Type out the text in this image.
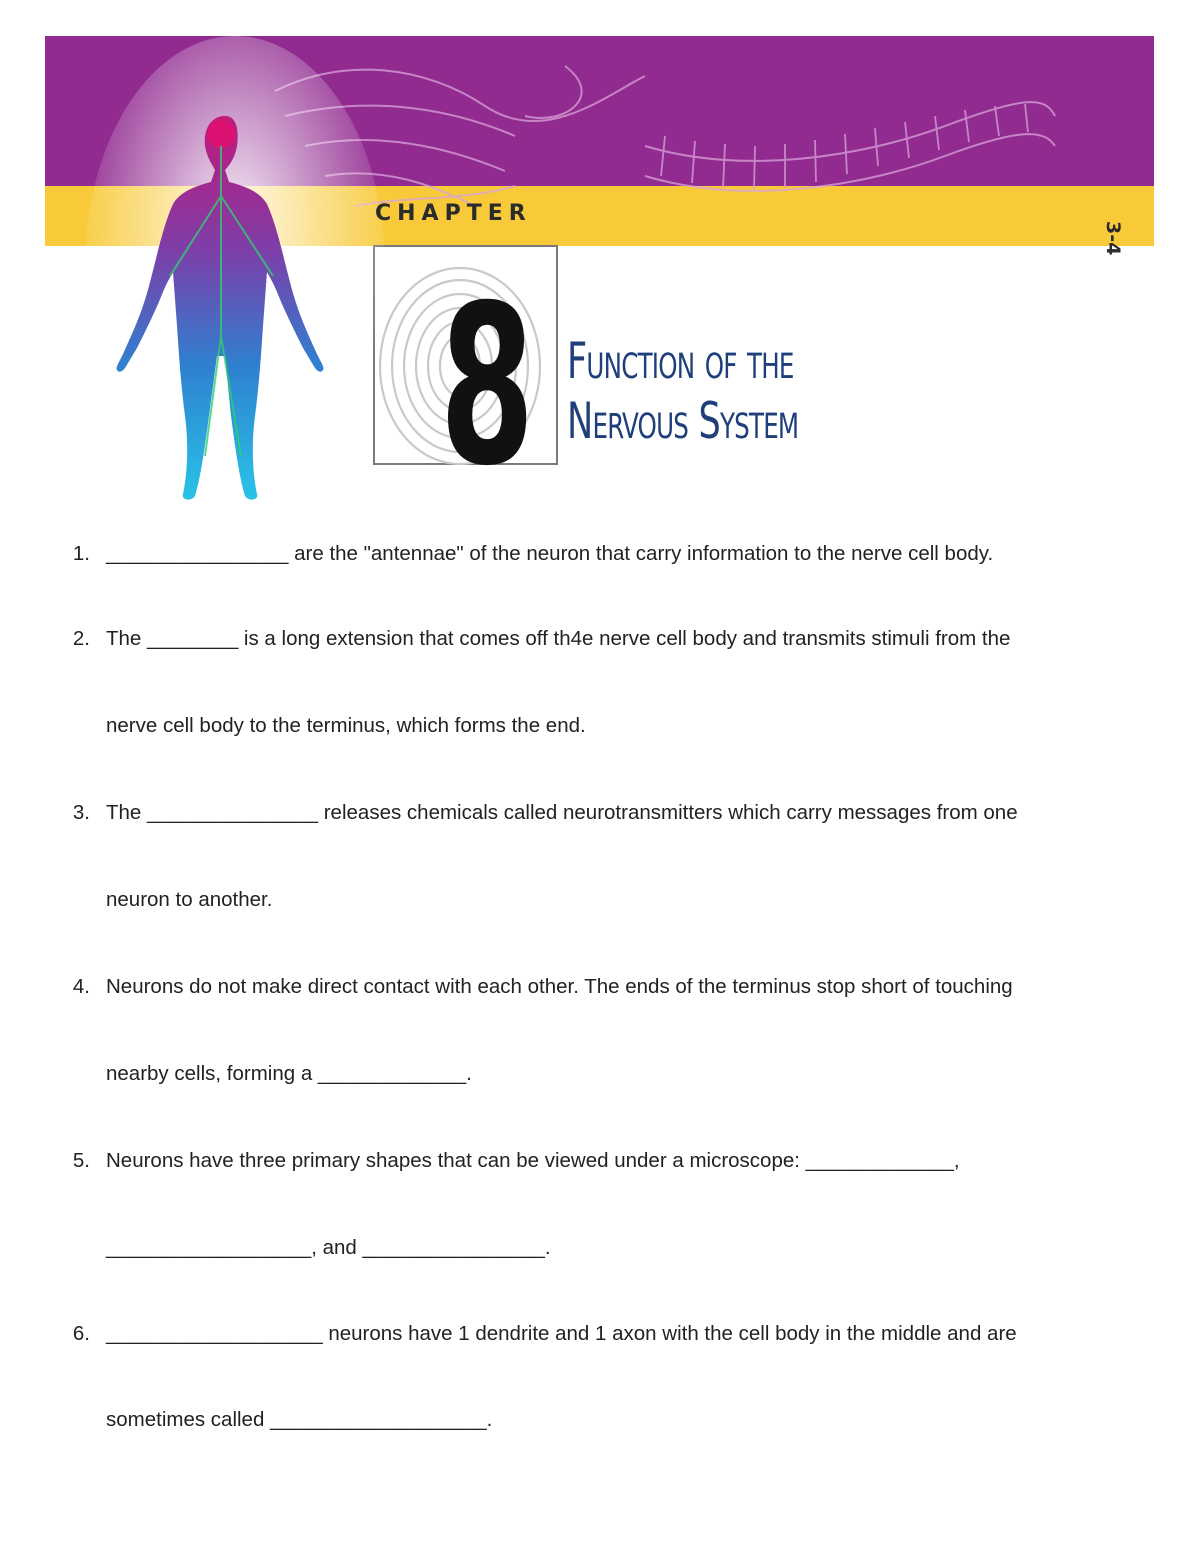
CHAPTER
3-4
8 Function of the
Nervous System
1. ________________ are the "antennae" of the neuron that carry information to the nerve cell body.
2. The ________ is a long extension that comes off th4e nerve cell body and transmits stimuli from the
nerve cell body to the terminus, which forms the end.
3. The _______________ releases chemicals called neurotransmitters which carry messages from one
neuron to another.
4. Neurons do not make direct contact with each other. The ends of the terminus stop short of touching
nearby cells, forming a _____________.
5. Neurons have three primary shapes that can be viewed under a microscope: _____________,
__________________, and ________________.
6. ___________________ neurons have 1 dendrite and 1 axon with the cell body in the middle and are
sometimes called ___________________.
